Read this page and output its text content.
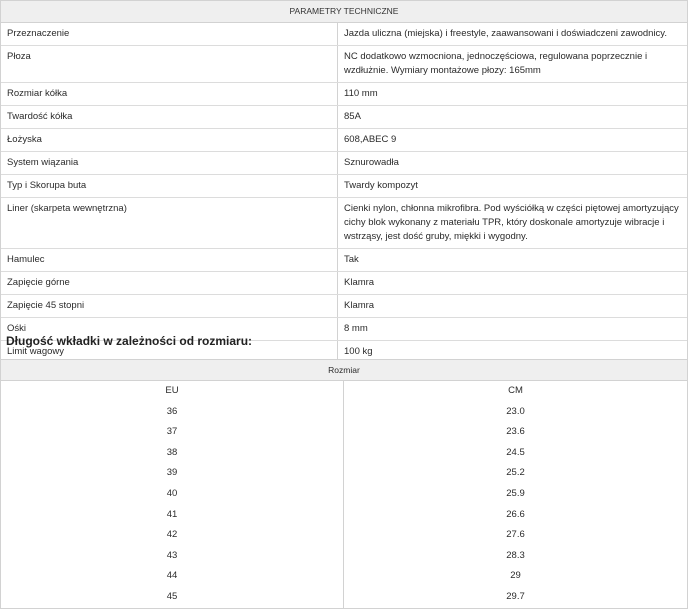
PARAMETRY TECHNICZNE
Przeznaczenie	Jazda uliczna (miejska) i freestyle, zaawansowani i doświadczeni zawodnicy.
Płoza	NC dodatkowo wzmocniona, jednoczęściowa, regulowana poprzecznie i wzdłużnie. Wymiary montażowe płozy: 165mm
Rozmiar kółka	110 mm
Twardość kółka	85A
Łożyska	608,ABEC 9
System wiązania	Sznurowadła
Typ i Skorupa buta	Twardy kompozyt
Liner (skarpeta wewnętrzna)	Cienki nylon, chłonna mikrofibra. Pod wyściółką w części piętowej amortyzujący cichy blok wykonany z materiału TPR, który doskonale amortyzuje wibracje i wstrząsy, jest dość gruby, miękki i wygodny.
Hamulec	Tak
Zapięcie górne	Klamra
Zapięcie 45 stopni	Klamra
Ośki	8 mm
Limit wagowy	100 kg
Długość wkładki w zależności od rozmiaru:
Rozmiar
EU	CM
36	23.0
37	23.6
38	24.5
39	25.2
40	25.9
41	26.6
42	27.6
43	28.3
44	29
45	29.7
